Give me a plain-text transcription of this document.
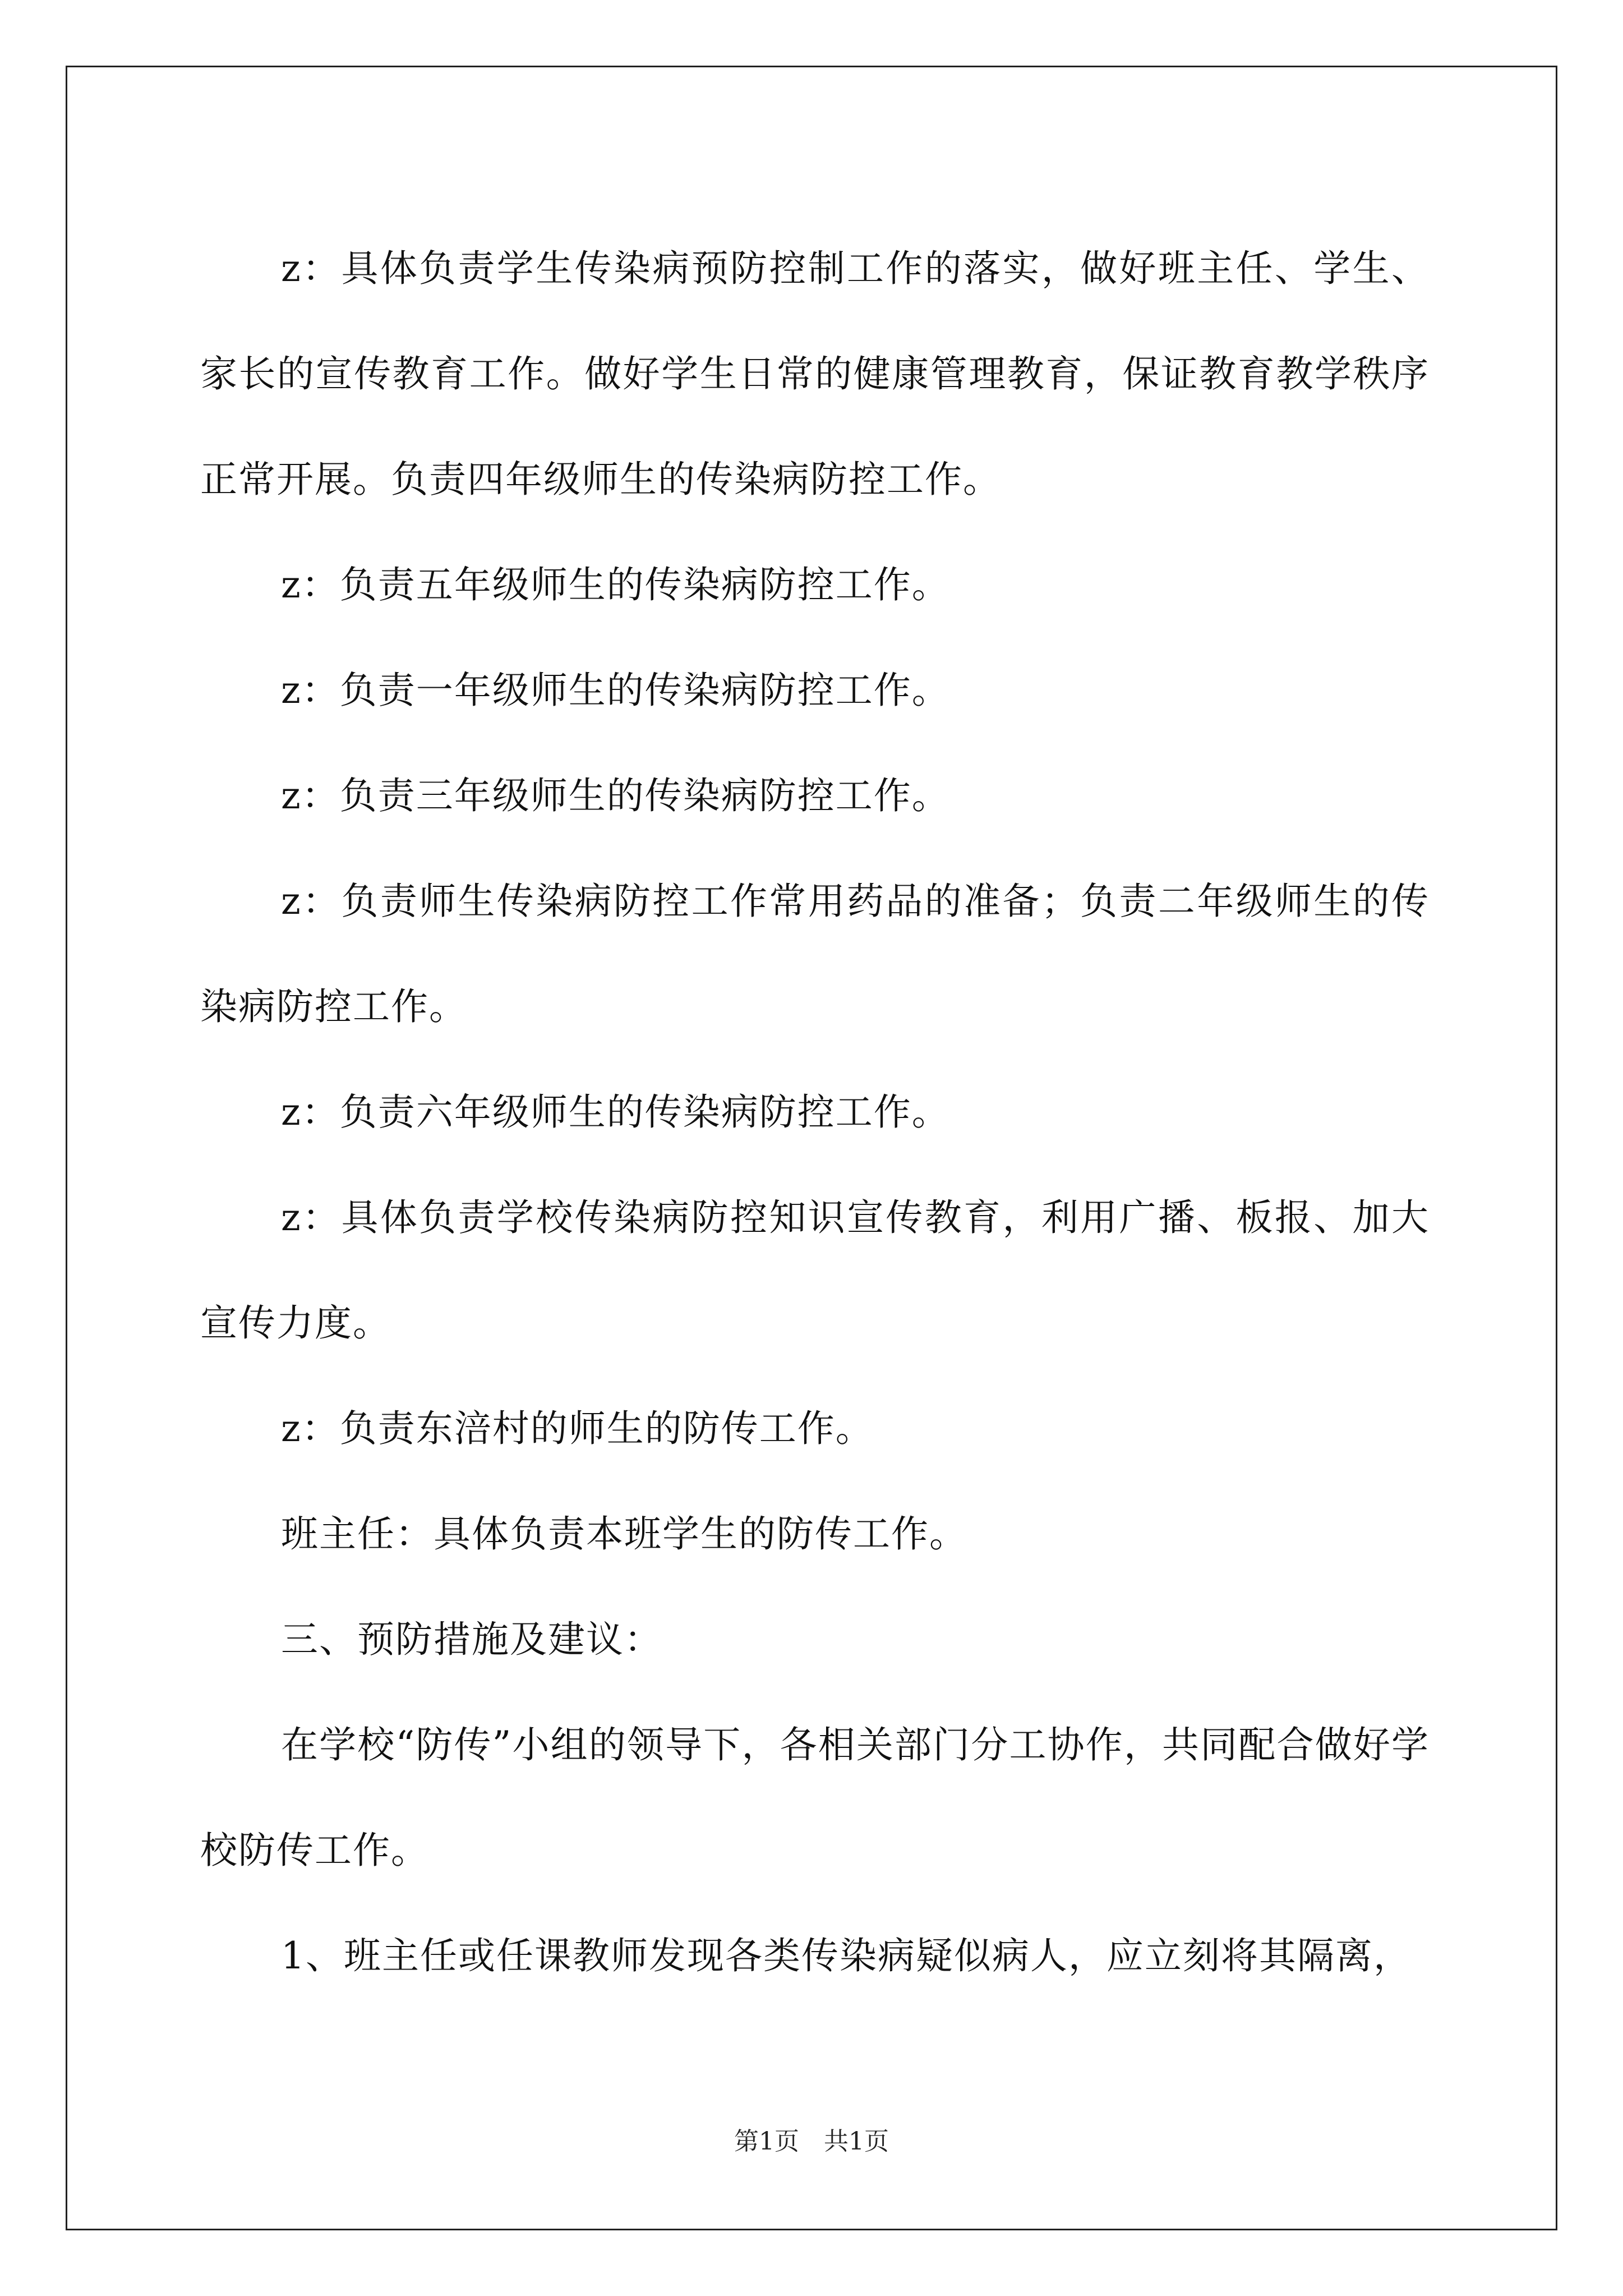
z：具体负责学生传染病预防控制工作的落实，做好班主任、学生、家长的宣传教育工作。做好学生日常的健康管理教育，保证教育教学秩序正常开展。负责四年级师生的传染病防控工作。

z：负责五年级师生的传染病防控工作。

z：负责一年级师生的传染病防控工作。

z：负责三年级师生的传染病防控工作。

z：负责师生传染病防控工作常用药品的准备；负责二年级师生的传染病防控工作。

z：负责六年级师生的传染病防控工作。

z：具体负责学校传染病防控知识宣传教育，利用广播、板报、加大宣传力度。

z：负责东涪村的师生的防传工作。

班主任：具体负责本班学生的防传工作。

三、预防措施及建议：

在学校“防传”小组的领导下，各相关部门分工协作，共同配合做好学校防传工作。

1、班主任或任课教师发现各类传染病疑似病人，应立刻将其隔离，

第1页　共1页
